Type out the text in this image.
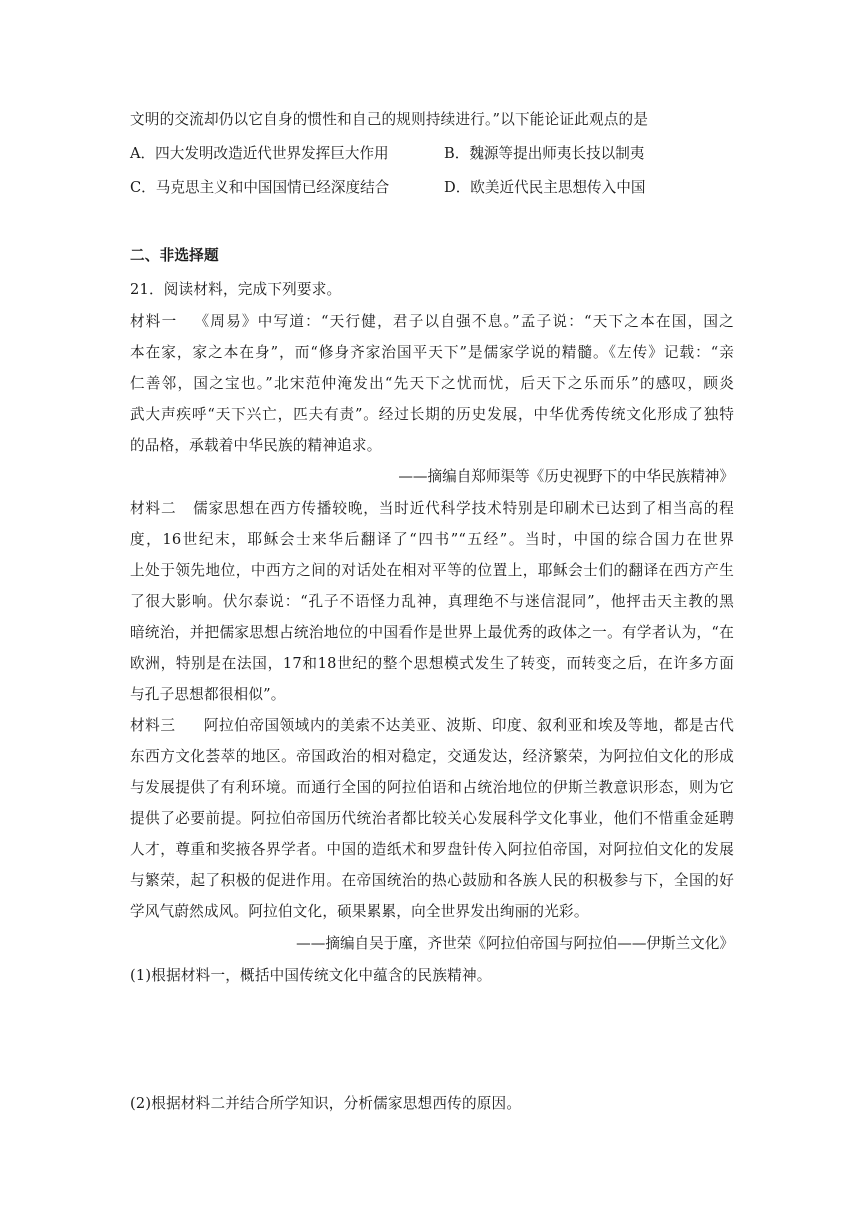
文明的交流却仍以它自身的惯性和自己的规则持续进行。”以下能论证此观点的是
A．四大发明改造近代世界发挥巨大作用	B．魏源等提出师夷长技以制夷
C．马克思主义和中国国情已经深度结合	D．欧美近代民主思想传入中国
二、非选择题
21．阅读材料，完成下列要求。
材料一 《周易》中写道：“天行健，君子以自强不息。”孟子说：“天下之本在国，国之
本在家，家之本在身”，而“修身齐家治国平天下”是儒家学说的精髓。《左传》记载：“亲
仁善邻，国之宝也。”北宋范仲淹发出“先天下之忧而忧，后天下之乐而乐”的感叹，顾炎
武大声疾呼“天下兴亡，匹夫有责”。经过长期的历史发展，中华优秀传统文化形成了独特
的品格，承载着中华民族的精神追求。
——摘编自郑师渠等《历史视野下的中华民族精神》
材料二 儒家思想在西方传播较晚，当时近代科学技术特别是印刷术已达到了相当高的程
度，16世纪末，耶稣会士来华后翻译了“四书”“五经”。当时，中国的综合国力在世界
上处于领先地位，中西方之间的对话处在相对平等的位置上，耶稣会士们的翻译在西方产生
了很大影响。伏尔泰说：“孔子不语怪力乱神，真理绝不与迷信混同”，他抨击天主教的黑
暗统治，并把儒家思想占统治地位的中国看作是世界上最优秀的政体之一。有学者认为，“在
欧洲，特别是在法国，17和18世纪的整个思想模式发生了转变，而转变之后，在许多方面
与孔子思想都很相似”。
材料三 阿拉伯帝国领域内的美索不达美亚、波斯、印度、叙利亚和埃及等地，都是古代
东西方文化荟萃的地区。帝国政治的相对稳定，交通发达，经济繁荣，为阿拉伯文化的形成
与发展提供了有利环境。而通行全国的阿拉伯语和占统治地位的伊斯兰教意识形态，则为它
提供了必要前提。阿拉伯帝国历代统治者都比较关心发展科学文化事业，他们不惜重金延聘
人才，尊重和奖掖各界学者。中国的造纸术和罗盘针传入阿拉伯帝国，对阿拉伯文化的发展
与繁荣，起了积极的促进作用。在帝国统治的热心鼓励和各族人民的积极参与下，全国的好
学风气蔚然成风。阿拉伯文化，硕果累累，向全世界发出绚丽的光彩。
——摘编自吴于廑，齐世荣《阿拉伯帝国与阿拉伯——伊斯兰文化》
(1)根据材料一，概括中国传统文化中蕴含的民族精神。
(2)根据材料二并结合所学知识，分析儒家思想西传的原因。
